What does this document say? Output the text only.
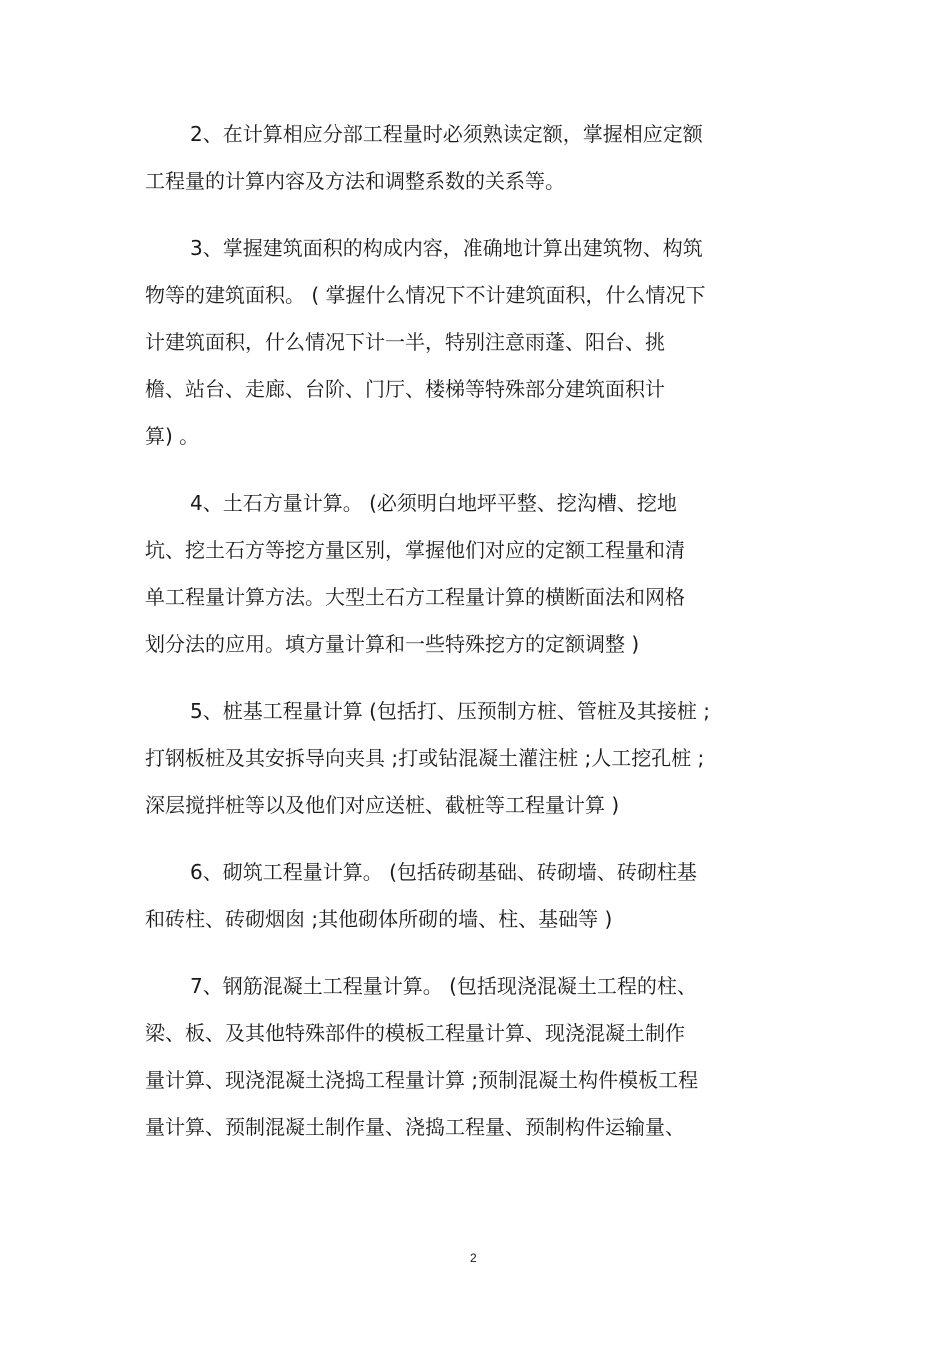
2、在计算相应分部工程量时必须熟读定额，掌握相应定额
工程量的计算内容及方法和调整系数的关系等。
3、掌握建筑面积的构成内容，准确地计算出建筑物、构筑
物等的建筑面积。 ( 掌握什么情况下不计建筑面积，什么情况下
计建筑面积，什么情况下计一半，特别注意雨蓬、阳台、挑
檐、站台、走廊、台阶、门厅、楼梯等特殊部分建筑面积计
算) 。
4、土石方量计算。 (必须明白地坪平整、挖沟槽、挖地
坑、挖土石方等挖方量区别，掌握他们对应的定额工程量和清
单工程量计算方法。大型土石方工程量计算的横断面法和网格
划分法的应用。填方量计算和一些特殊挖方的定额调整 )
5、桩基工程量计算 (包括打、压预制方桩、管桩及其接桩 ;
打钢板桩及其安拆导向夹具 ;打或钻混凝土灌注桩 ;人工挖孔桩 ;
深层搅拌桩等以及他们对应送桩、截桩等工程量计算 )
6、砌筑工程量计算。 (包括砖砌基础、砖砌墙、砖砌柱基
和砖柱、砖砌烟囱 ;其他砌体所砌的墙、柱、基础等 )
7、钢筋混凝土工程量计算。 (包括现浇混凝土工程的柱、
梁、板、及其他特殊部件的模板工程量计算、现浇混凝土制作
量计算、现浇混凝土浇捣工程量计算 ;预制混凝土构件模板工程
量计算、预制混凝土制作量、浇捣工程量、预制构件运输量、
2
